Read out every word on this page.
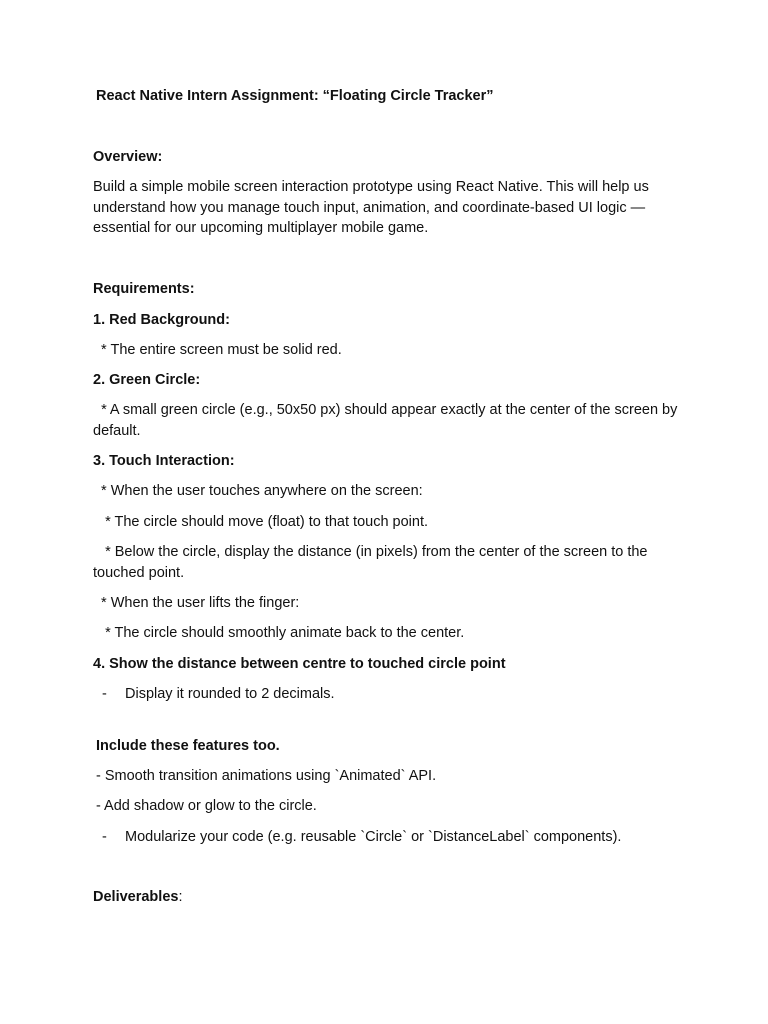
React Native Intern Assignment: “Floating Circle Tracker”
Overview:
Build a simple mobile screen interaction prototype using React Native. This will help us understand how you manage touch input, animation, and coordinate-based UI logic — essential for our upcoming multiplayer mobile game.
Requirements:
1. Red Background:
* The entire screen must be solid red.
2. Green Circle:
* A small green circle (e.g., 50x50 px) should appear exactly at the center of the screen by default.
3. Touch Interaction:
* When the user touches anywhere on the screen:
* The circle should move (float) to that touch point.
* Below the circle, display the distance (in pixels) from the center of the screen to the touched point.
* When the user lifts the finger:
* The circle should smoothly animate back to the center.
4. Show the distance between centre to touched circle point
- Display it rounded to 2 decimals.
Include these features too.
- Smooth transition animations using `Animated` API.
- Add shadow or glow to the circle.
- Modularize your code (e.g. reusable `Circle` or `DistanceLabel` components).
Deliverables:
